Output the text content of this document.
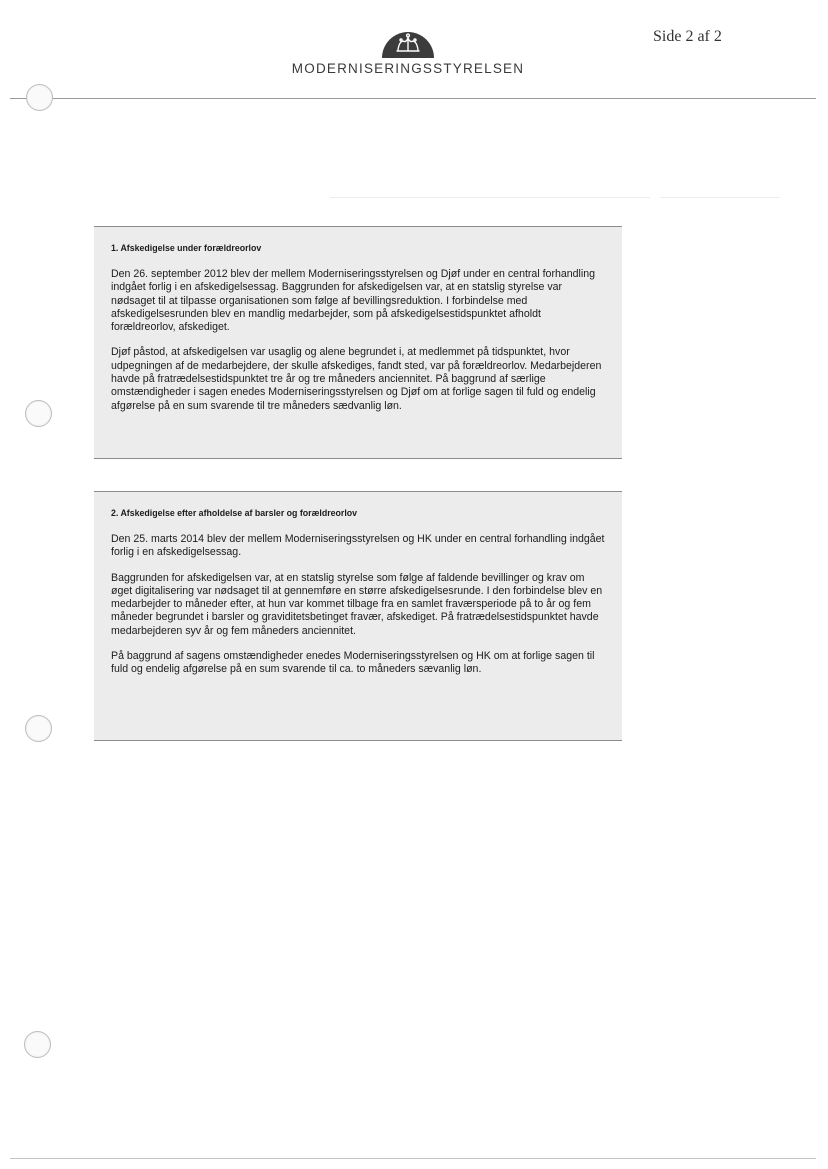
Side 2 af 2
MODERNISERINGSSTYRELSEN
1. Afskedigelse under forældreorlov

Den 26. september 2012 blev der mellem Moderniseringsstyrelsen og Djøf under en central forhandling indgået forlig i en afskedigelsessag. Baggrunden for afskedigelsen var, at en statslig styrelse var nødsaget til at tilpasse organisationen som følge af bevillingsreduktion. I forbindelse med afskedigelsesrunden blev en mandlig medarbejder, som på afskedigelsestidspunktet afholdt forældreorlov, afskediget.

Djøf påstod, at afskedigelsen var usaglig og alene begrundet i, at medlemmet på tidspunktet, hvor udpegningen af de medarbejdere, der skulle afskediges, fandt sted, var på forældreorlov. Medarbejderen havde på fratrædelsestidspunktet tre år og tre måneders anciennitet. På baggrund af særlige omstændigheder i sagen enedes Moderniseringsstyrelsen og Djøf om at forlige sagen til fuld og endelig afgørelse på en sum svarende til tre måneders sædvanlig løn.

2. Afskedigelse efter afholdelse af barsler og forældreorlov

Den 25. marts 2014 blev der mellem Moderniseringsstyrelsen og HK under en central forhandling indgået forlig i en afskedigelsessag.

Baggrunden for afskedigelsen var, at en statslig styrelse som følge af faldende bevillinger og krav om øget digitalisering var nødsaget til at gennemføre en større afskedigelsesrunde. I den forbindelse blev en medarbejder to måneder efter, at hun var kommet tilbage fra en samlet fraværsperiode på to år og fem måneder begrundet i barsler og graviditetsbetinget fravær, afskediget. På fratrædelsestidspunktet havde medarbejderen syv år og fem måneders anciennitet.

På baggrund af sagens omstændigheder enedes Moderniseringsstyrelsen og HK om at forlige sagen til fuld og endelig afgørelse på en sum svarende til ca. to måneders sævanlig løn.
